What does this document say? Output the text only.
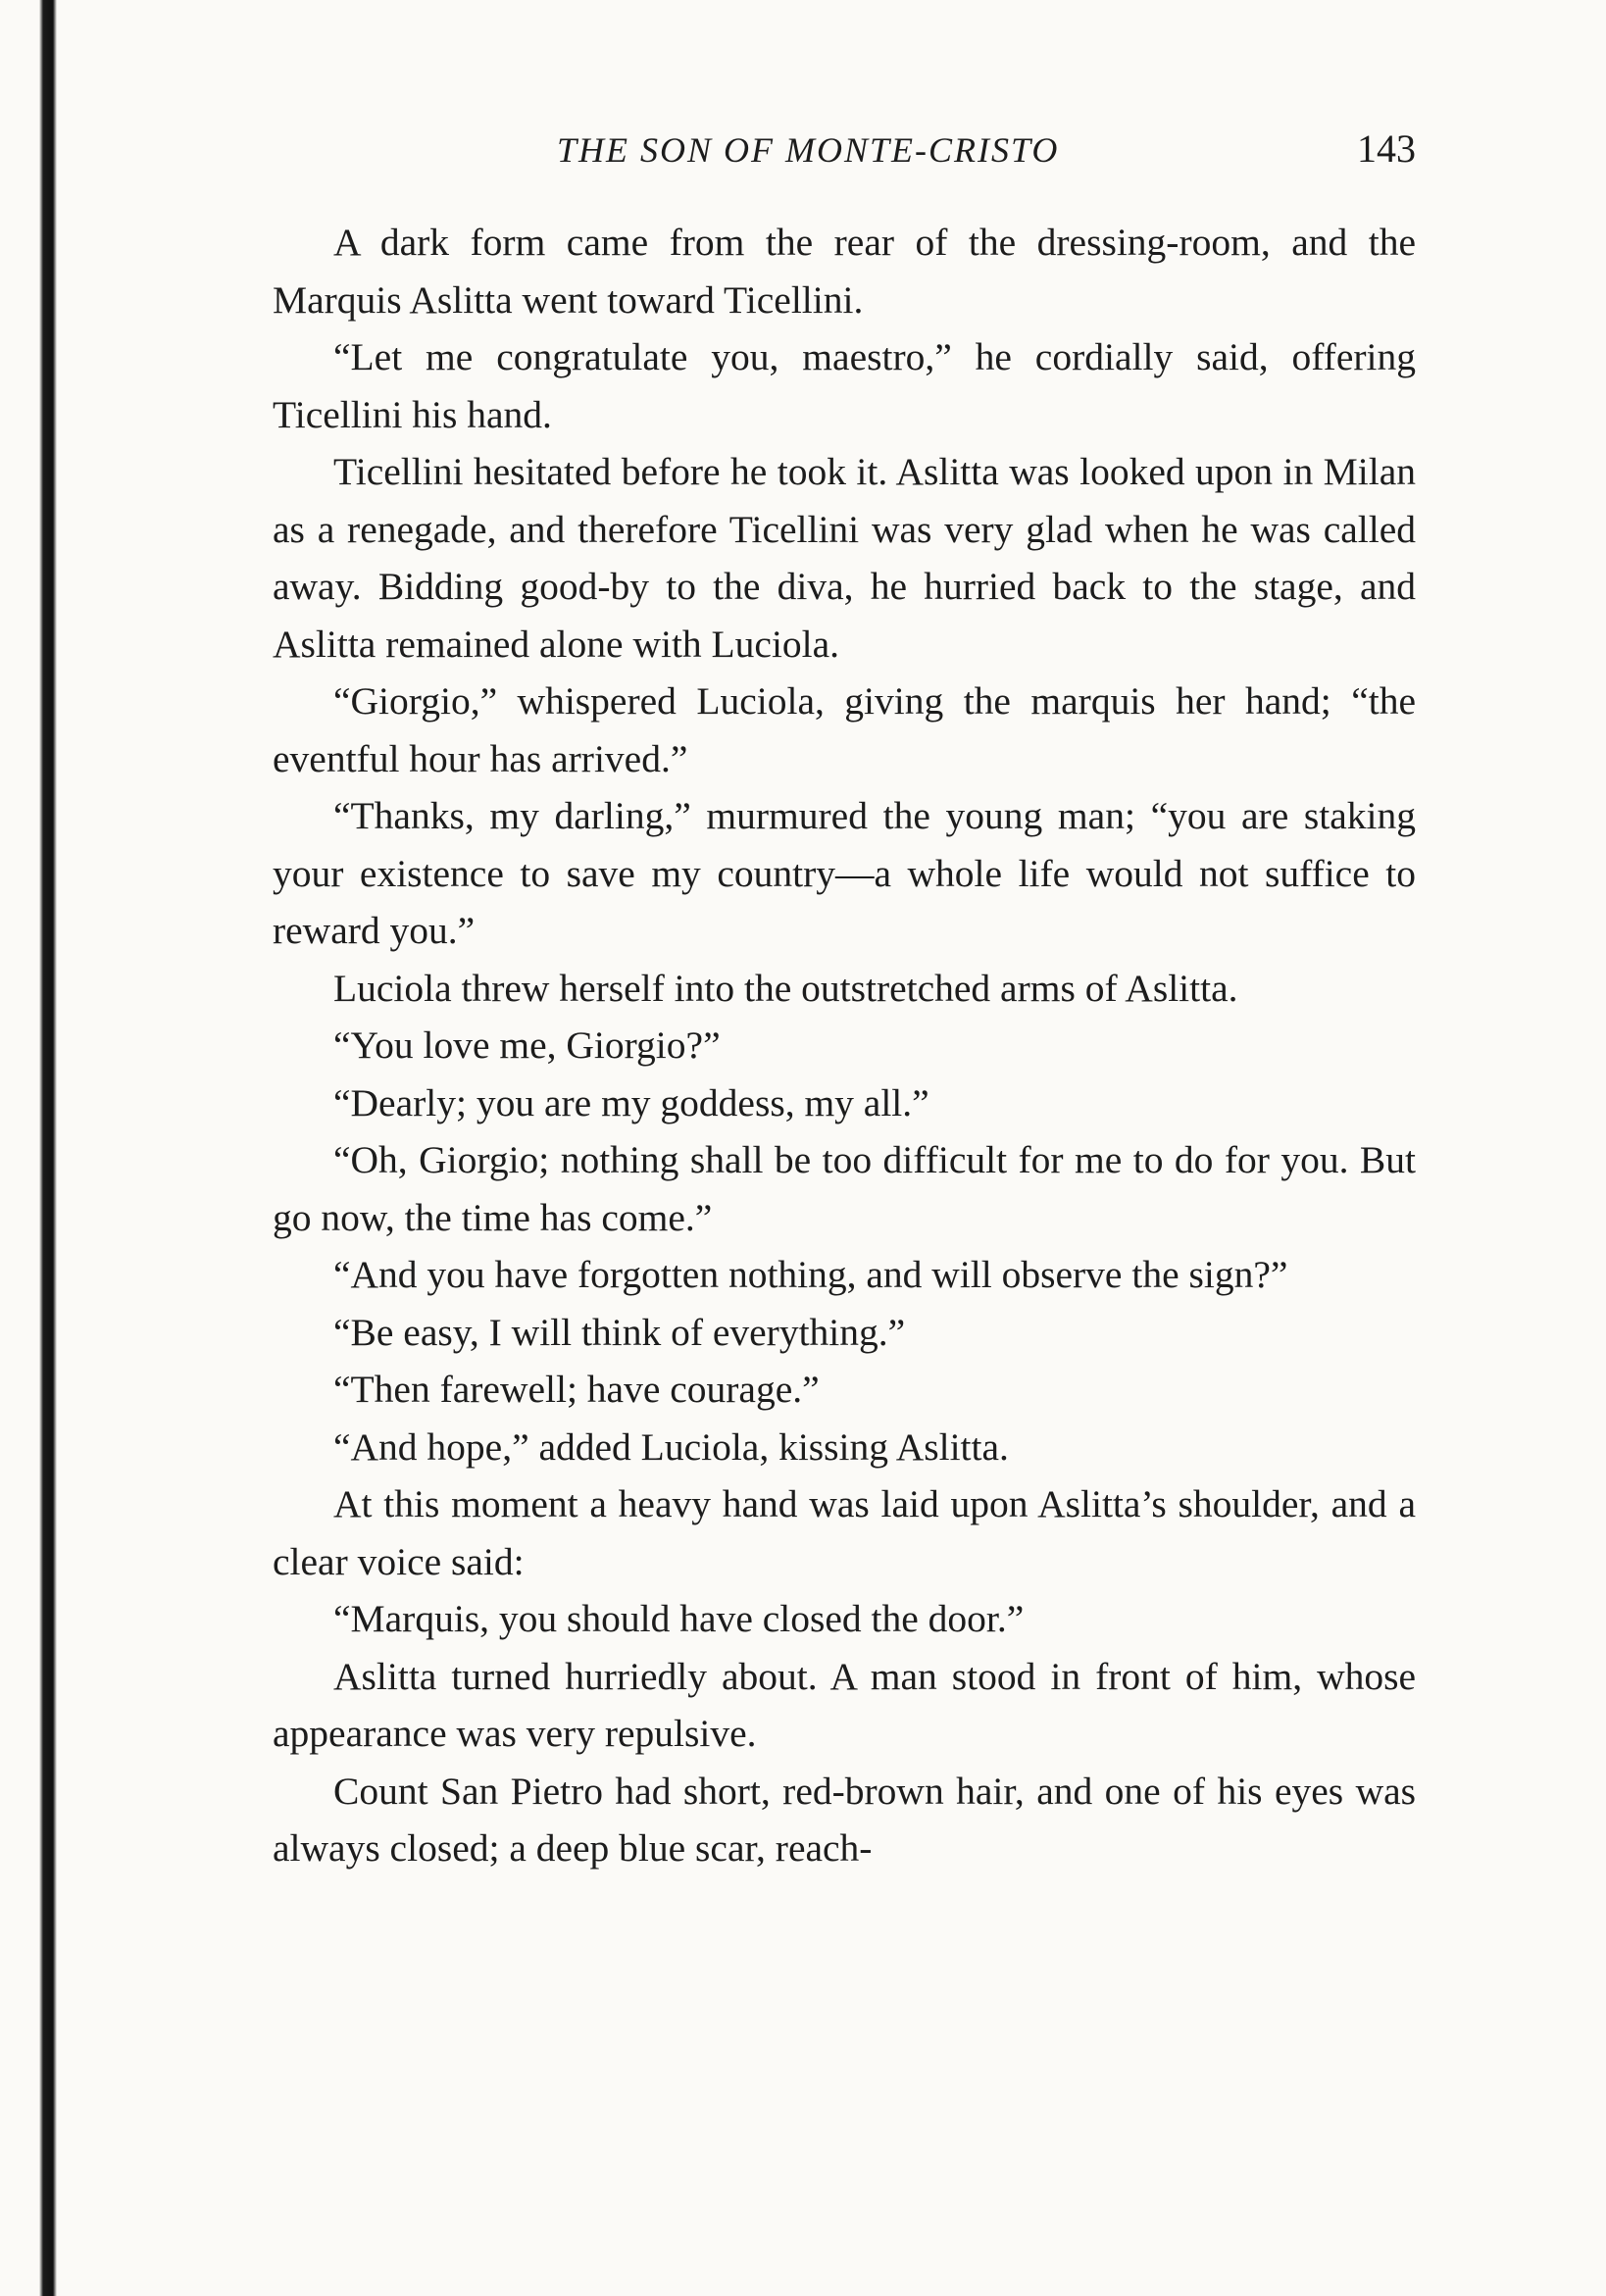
THE SON OF MONTE-CRISTO	143

A dark form came from the rear of the dressing-room, and the Marquis Aslitta went toward Ticellini.

“Let me congratulate you, maestro,” he cordially said, offering Ticellini his hand.

Ticellini hesitated before he took it. Aslitta was looked upon in Milan as a renegade, and therefore Ticellini was very glad when he was called away. Bidding good-by to the diva, he hurried back to the stage, and Aslitta remained alone with Luciola.

“Giorgio,” whispered Luciola, giving the marquis her hand; “the eventful hour has arrived.”

“Thanks, my darling,” murmured the young man; “you are staking your existence to save my country—a whole life would not suffice to reward you.”

Luciola threw herself into the outstretched arms of Aslitta.

“You love me, Giorgio?”

“Dearly; you are my goddess, my all.”

“Oh, Giorgio; nothing shall be too difficult for me to do for you. But go now, the time has come.”

“And you have forgotten nothing, and will observe the sign?”

“Be easy, I will think of everything.”

“Then farewell; have courage.”

“And hope,” added Luciola, kissing Aslitta.

At this moment a heavy hand was laid upon Aslitta’s shoulder, and a clear voice said:

“Marquis, you should have closed the door.”

Aslitta turned hurriedly about. A man stood in front of him, whose appearance was very repulsive.

Count San Pietro had short, red-brown hair, and one of his eyes was always closed; a deep blue scar, reach-
